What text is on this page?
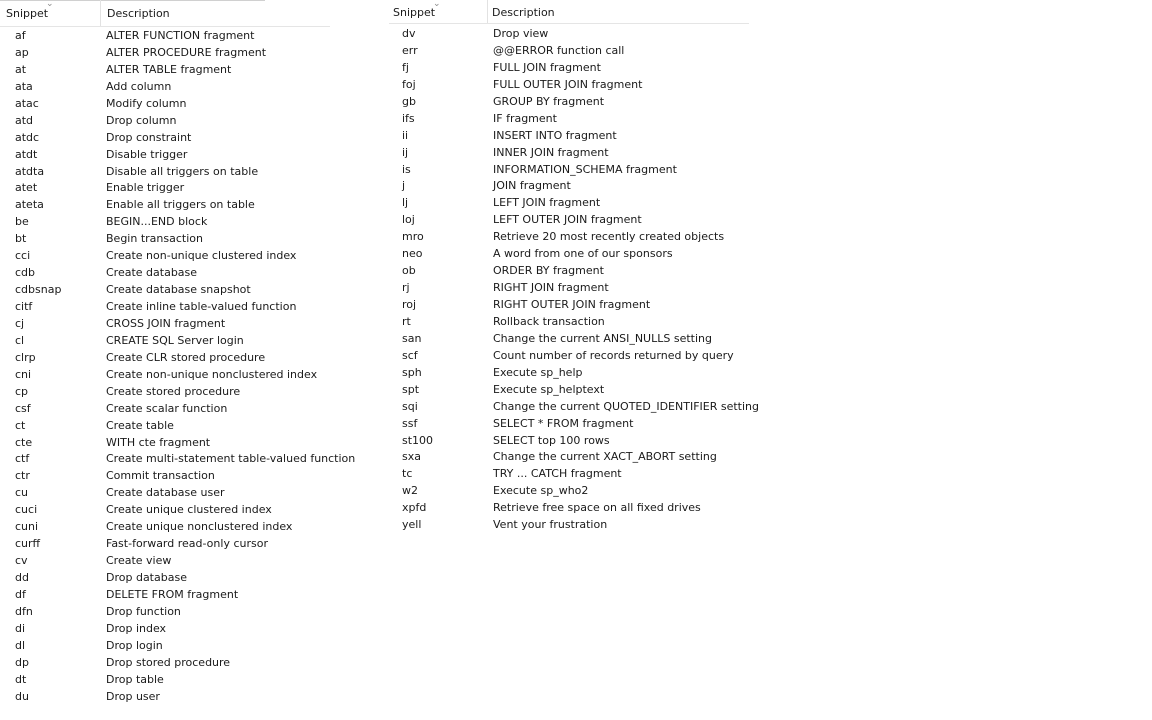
⌄
Snippet	Description
af	ALTER FUNCTION fragment
ap	ALTER PROCEDURE fragment
at	ALTER TABLE fragment
ata	Add column
atac	Modify column
atd	Drop column
atdc	Drop constraint
atdt	Disable trigger
atdta	Disable all triggers on table
atet	Enable trigger
ateta	Enable all triggers on table
be	BEGIN...END block
bt	Begin transaction
cci	Create non-unique clustered index
cdb	Create database
cdbsnap	Create database snapshot
citf	Create inline table-valued function
cj	CROSS JOIN fragment
cl	CREATE SQL Server login
clrp	Create CLR stored procedure
cni	Create non-unique nonclustered index
cp	Create stored procedure
csf	Create scalar function
ct	Create table
cte	WITH cte fragment
ctf	Create multi-statement table-valued function
ctr	Commit transaction
cu	Create database user
cuci	Create unique clustered index
cuni	Create unique nonclustered index
curff	Fast-forward read-only cursor
cv	Create view
dd	Drop database
df	DELETE FROM fragment
dfn	Drop function
di	Drop index
dl	Drop login
dp	Drop stored procedure
dt	Drop table
du	Drop user
⌄
Snippet	Description
dv	Drop view
err	@@ERROR function call
fj	FULL JOIN fragment
foj	FULL OUTER JOIN fragment
gb	GROUP BY fragment
ifs	IF fragment
ii	INSERT INTO fragment
ij	INNER JOIN fragment
is	INFORMATION_SCHEMA fragment
j	JOIN fragment
lj	LEFT JOIN fragment
loj	LEFT OUTER JOIN fragment
mro	Retrieve 20 most recently created objects
neo	A word from one of our sponsors
ob	ORDER BY fragment
rj	RIGHT JOIN fragment
roj	RIGHT OUTER JOIN fragment
rt	Rollback transaction
san	Change the current ANSI_NULLS setting
scf	Count number of records returned by query
sph	Execute sp_help
spt	Execute sp_helptext
sqi	Change the current QUOTED_IDENTIFIER setting
ssf	SELECT * FROM fragment
st100	SELECT top 100 rows
sxa	Change the current XACT_ABORT setting
tc	TRY ... CATCH fragment
w2	Execute sp_who2
xpfd	Retrieve free space on all fixed drives
yell	Vent your frustration
